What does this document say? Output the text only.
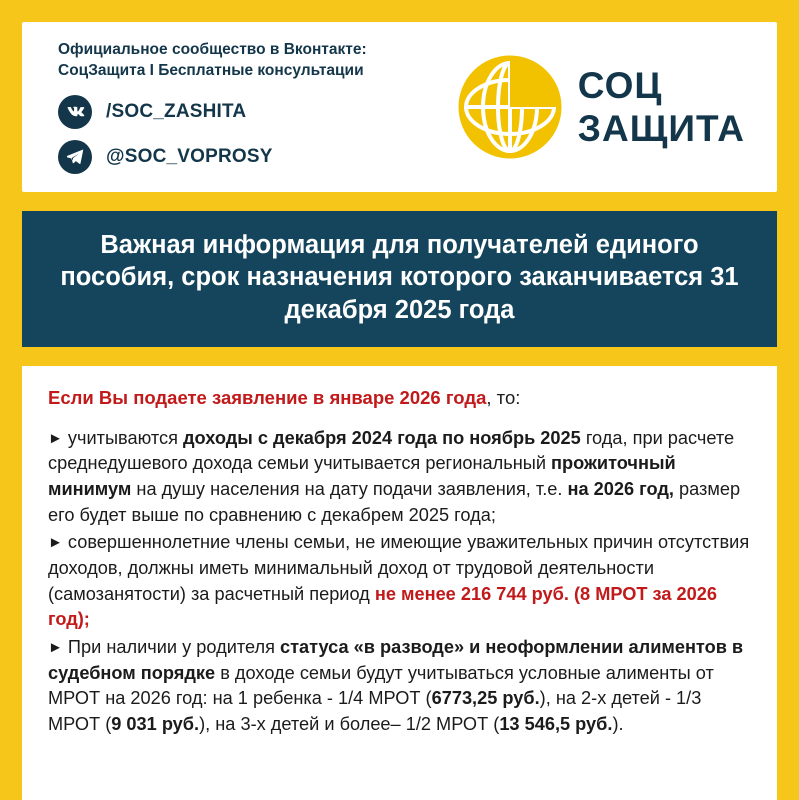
Официальное сообщество в Вконтакте:
СоцЗащита I Бесплатные консультации
/SOC_ZASHITA
@SOC_VOPROSY
СОЦ
ЗАЩИТА
Важная информация для получателей единого пособия, срок назначения которого заканчивается 31 декабря 2025 года
Если Вы подаете заявление в январе 2026 года, то:
► учитываются доходы с декабря 2024 года по ноябрь 2025 года, при расчете среднедушевого дохода семьи учитывается региональный прожиточный минимум на душу населения на дату подачи заявления, т.е. на 2026 год, размер его будет выше по сравнению с декабрем 2025 года;
► совершеннолетние члены семьи, не имеющие уважительных причин отсутствия доходов, должны иметь минимальный доход от трудовой деятельности (самозанятости) за расчетный период не менее 216 744 руб. (8 МРОТ за 2026 год);
► При наличии у родителя статуса «в разводе» и неоформлении алиментов в судебном порядке в доходе семьи будут учитываться условные алименты от МРОТ на 2026 год: на 1 ребенка - 1/4 МРОТ (6773,25 руб.), на 2-х детей - 1/3 МРОТ (9 031 руб.), на 3-х детей и более– 1/2 МРОТ (13 546,5 руб.).
